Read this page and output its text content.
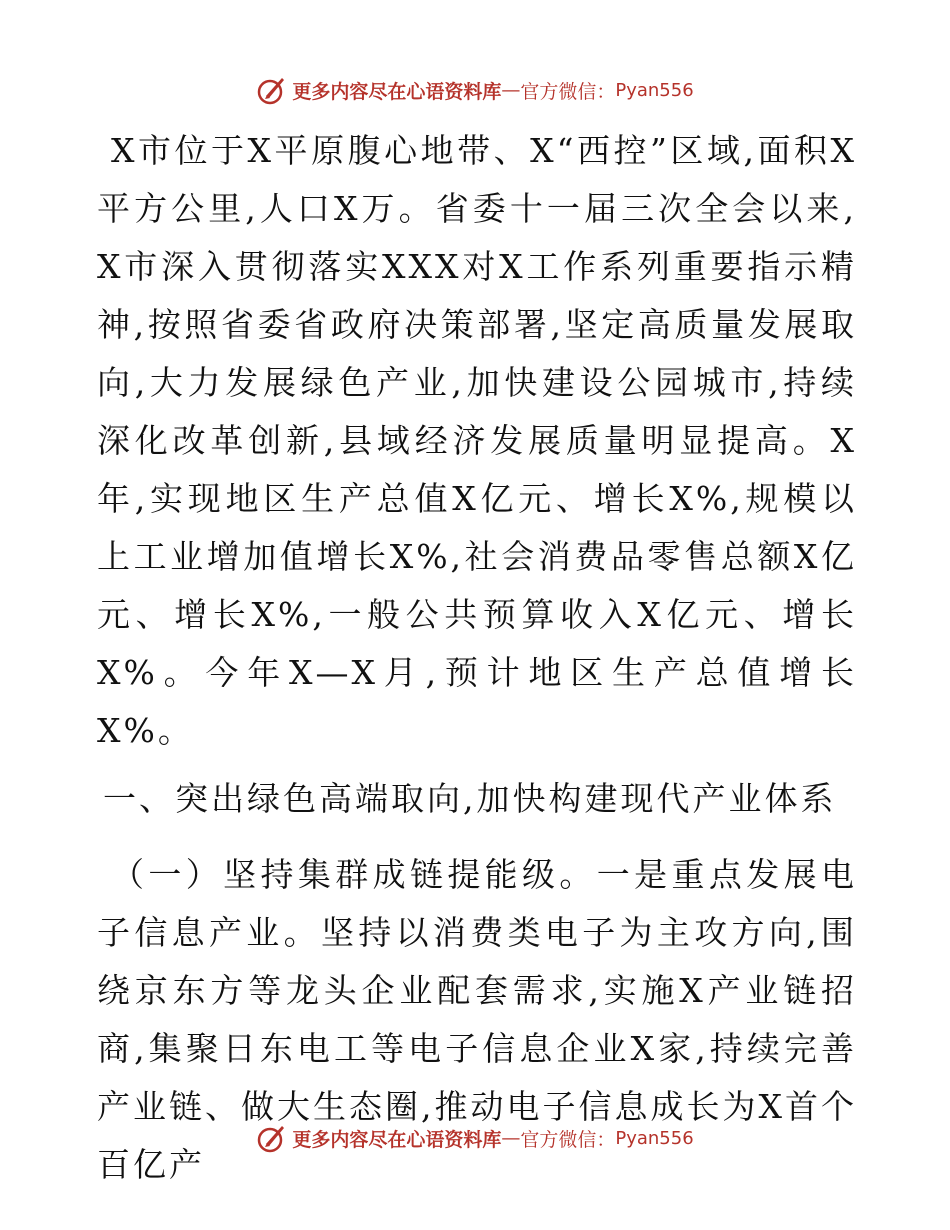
更多内容尽在心语资料库 — 官方微信： Pyan556

X市位于X平原腹心地带、X“西控”区域,面积X平方公里,人口X万。省委十一届三次全会以来,X市深入贯彻落实XXX对X工作系列重要指示精神,按照省委省政府决策部署,坚定高质量发展取向,大力发展绿色产业,加快建设公园城市,持续深化改革创新,县域经济发展质量明显提高。X年,实现地区生产总值X亿元、增长X%,规模以上工业增加值增长X%,社会消费品零售总额X亿元、增长X%,一般公共预算收入X亿元、增长X%。今年X—X月,预计地区生产总值增长X%。

一、突出绿色高端取向,加快构建现代产业体系

（一）坚持集群成链提能级。一是重点发展电子信息产业。坚持以消费类电子为主攻方向,围绕京东方等龙头企业配套需求,实施X产业链招商,集聚日东电工等电子信息企业X家,持续完善产业链、做大生态圈,推动电子信息成长为X首个百亿产

更多内容尽在心语资料库 — 官方微信： Pyan556
